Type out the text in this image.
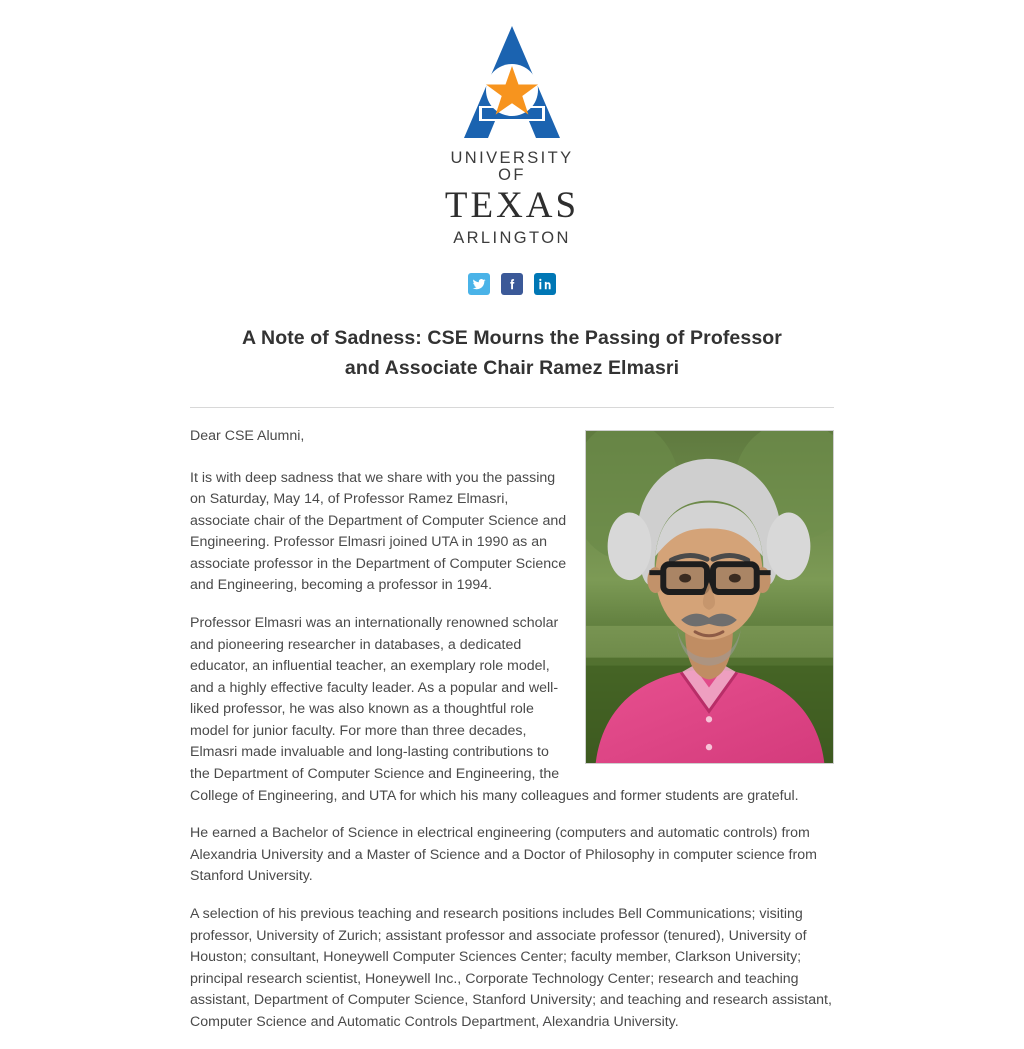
UNIVERSITY OF
TEXAS
ARLINGTON
A Note of Sadness: CSE Mourns the Passing of Professor and Associate Chair Ramez Elmasri

Dear CSE Alumni,

It is with deep sadness that we share with you the passing on Saturday, May 14, of Professor Ramez Elmasri, associate chair of the Department of Computer Science and Engineering. Professor Elmasri joined UTA in 1990 as an associate professor in the Department of Computer Science and Engineering, becoming a professor in 1994.

Professor Elmasri was an internationally renowned scholar and pioneering researcher in databases, a dedicated educator, an influential teacher, an exemplary role model, and a highly effective faculty leader. As a popular and well-liked professor, he was also known as a thoughtful role model for junior faculty. For more than three decades, Elmasri made invaluable and long-lasting contributions to the Department of Computer Science and Engineering, the College of Engineering, and UTA for which his many colleagues and former students are grateful.

He earned a Bachelor of Science in electrical engineering (computers and automatic controls) from Alexandria University and a Master of Science and a Doctor of Philosophy in computer science from Stanford University.

A selection of his previous teaching and research positions includes Bell Communications; visiting professor, University of Zurich; assistant professor and associate professor (tenured), University of Houston; consultant, Honeywell Computer Sciences Center; faculty member, Clarkson University; principal research scientist, Honeywell Inc., Corporate Technology Center; research and teaching assistant, Department of Computer Science, Stanford University; and teaching and research assistant, Computer Science and Automatic Controls Department, Alexandria University.
